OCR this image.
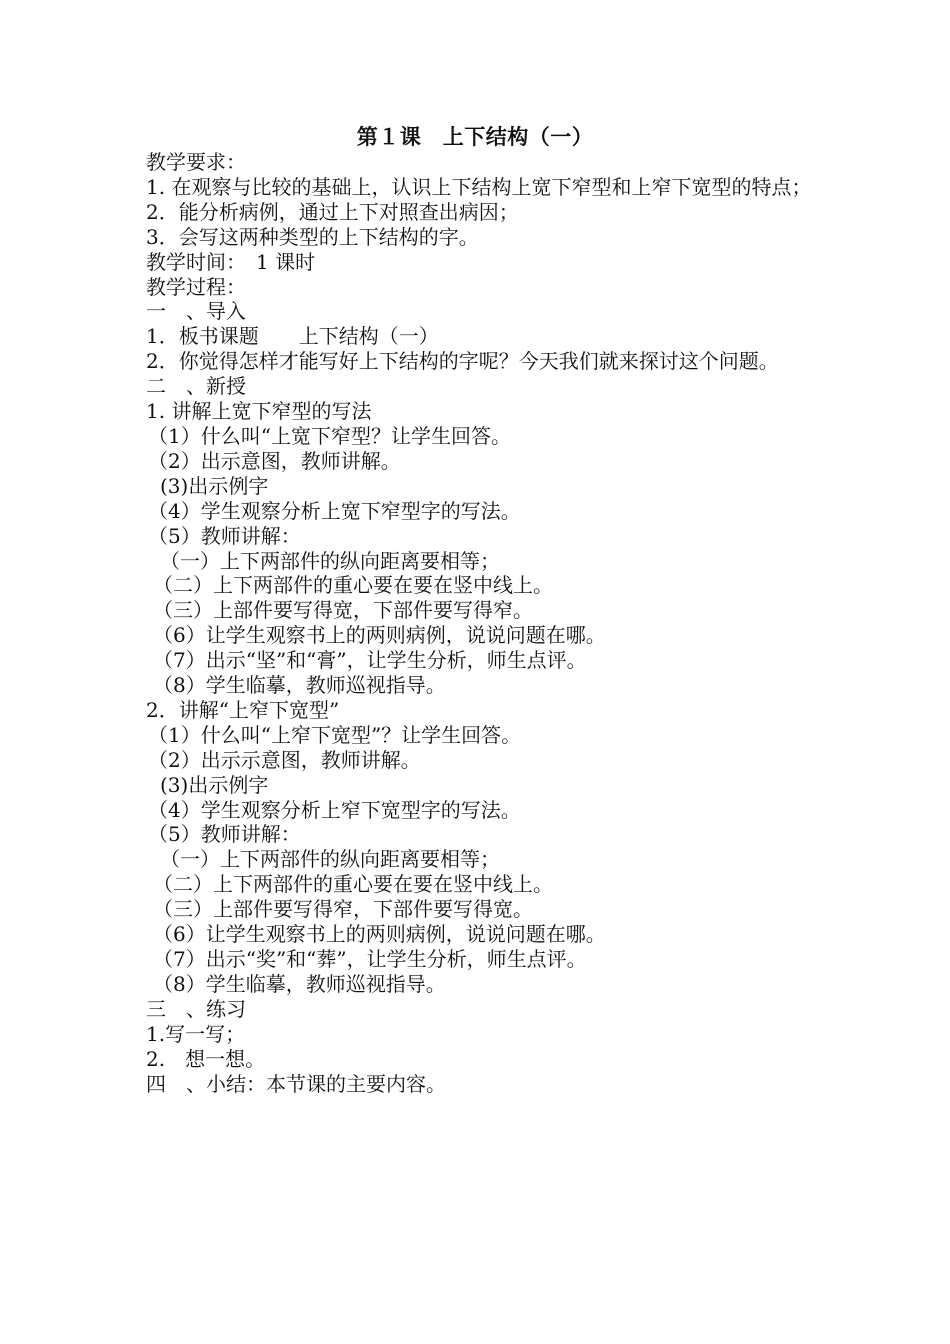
第１课　上下结构（一）
教学要求：
1. 在观察与比较的基础上，认识上下结构上宽下窄型和上窄下宽型的特点；
2．能分析病例，通过上下对照查出病因；
3．会写这两种类型的上下结构的字。
教学时间：　1 课时
教学过程：
一　、导入
1．板书课题　　上下结构（一）
2．你觉得怎样才能写好上下结构的字呢？今天我们就来探讨这个问题。
二　、新授
1. 讲解上宽下窄型的写法
（1）什么叫“上宽下窄型？让学生回答。
（2）出示意图，教师讲解。
(3)出示例字
（4）学生观察分析上宽下窄型字的写法。
（5）教师讲解：
（一）上下两部件的纵向距离要相等；
（二）上下两部件的重心要在要在竖中线上。
（三）上部件要写得宽，下部件要写得窄。
（6）让学生观察书上的两则病例，说说问题在哪。
（7）出示“坚”和“膏”，让学生分析，师生点评。
（8）学生临摹，教师巡视指导。
2．讲解“上窄下宽型”
（1）什么叫“上窄下宽型”？让学生回答。
（2）出示示意图，教师讲解。
(3)出示例字
（4）学生观察分析上窄下宽型字的写法。
（5）教师讲解：
（一）上下两部件的纵向距离要相等；
（二）上下两部件的重心要在要在竖中线上。
（三）上部件要写得窄，下部件要写得宽。
（6）让学生观察书上的两则病例，说说问题在哪。
（7）出示“奖”和“葬”，让学生分析，师生点评。
（8）学生临摹，教师巡视指导。
三　、练习
1.写一写；
2.　想一想。
四　、小结：本节课的主要内容。
